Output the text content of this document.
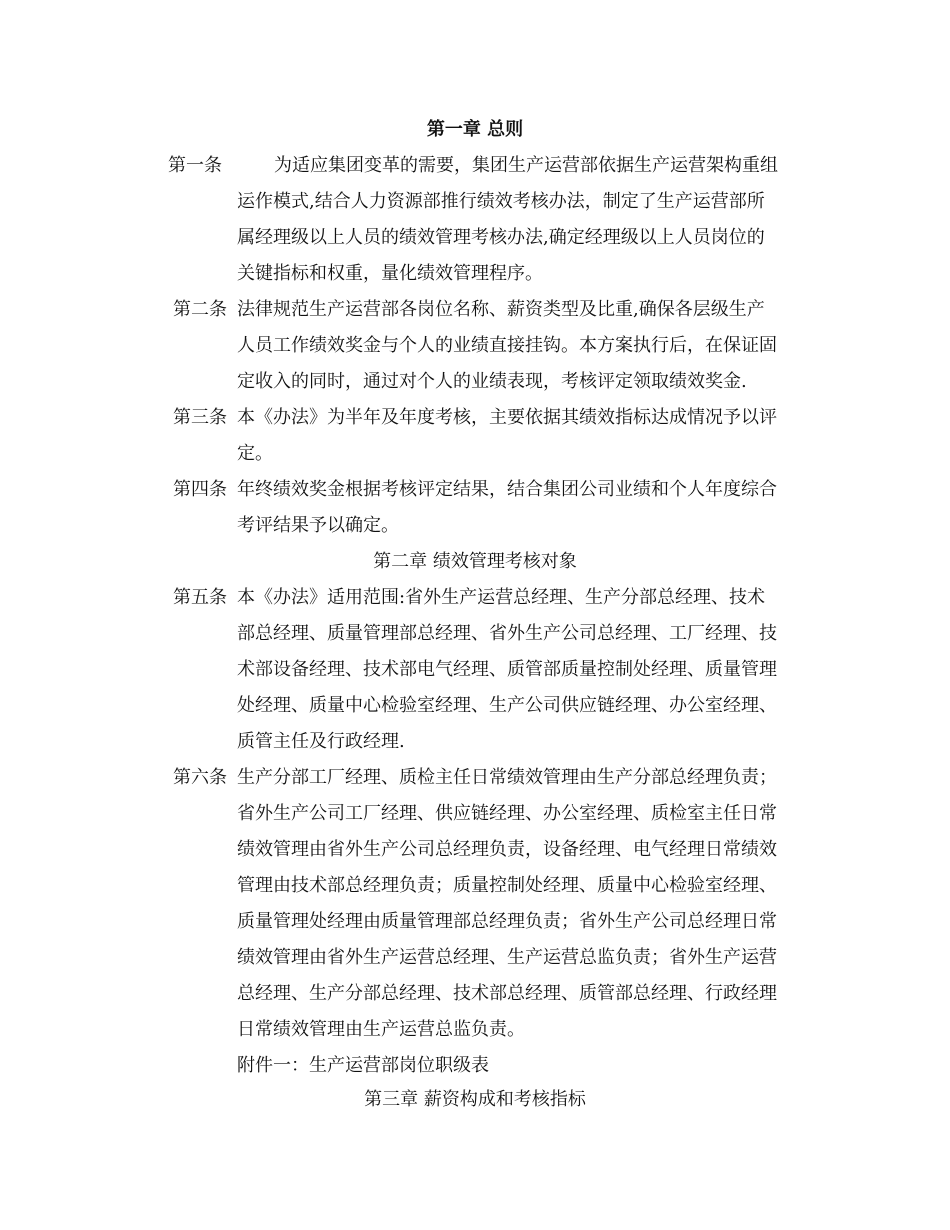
第一章 总则
第一条	为适应集团变革的需要，集团生产运营部依据生产运营架构重组
运作模式,结合人力资源部推行绩效考核办法，制定了生产运营部所
属经理级以上人员的绩效管理考核办法,确定经理级以上人员岗位的
关键指标和权重，量化绩效管理程序。
第二条 法律规范生产运营部各岗位名称、薪资类型及比重,确保各层级生产
人员工作绩效奖金与个人的业绩直接挂钩。本方案执行后，在保证固
定收入的同时，通过对个人的业绩表现，考核评定领取绩效奖金.
第三条 本《办法》为半年及年度考核，主要依据其绩效指标达成情况予以评
定。
第四条 年终绩效奖金根据考核评定结果，结合集团公司业绩和个人年度综合
考评结果予以确定。
第二章 绩效管理考核对象
第五条 本《办法》适用范围:省外生产运营总经理、生产分部总经理、技术
部总经理、质量管理部总经理、省外生产公司总经理、工厂经理、技
术部设备经理、技术部电气经理、质管部质量控制处经理、质量管理
处经理、质量中心检验室经理、生产公司供应链经理、办公室经理、
质管主任及行政经理.
第六条 生产分部工厂经理、质检主任日常绩效管理由生产分部总经理负责；
省外生产公司工厂经理、供应链经理、办公室经理、质检室主任日常
绩效管理由省外生产公司总经理负责，设备经理、电气经理日常绩效
管理由技术部总经理负责；质量控制处经理、质量中心检验室经理、
质量管理处经理由质量管理部总经理负责；省外生产公司总经理日常
绩效管理由省外生产运营总经理、生产运营总监负责；省外生产运营
总经理、生产分部总经理、技术部总经理、质管部总经理、行政经理
日常绩效管理由生产运营总监负责。
附件一：生产运营部岗位职级表
第三章 薪资构成和考核指标
